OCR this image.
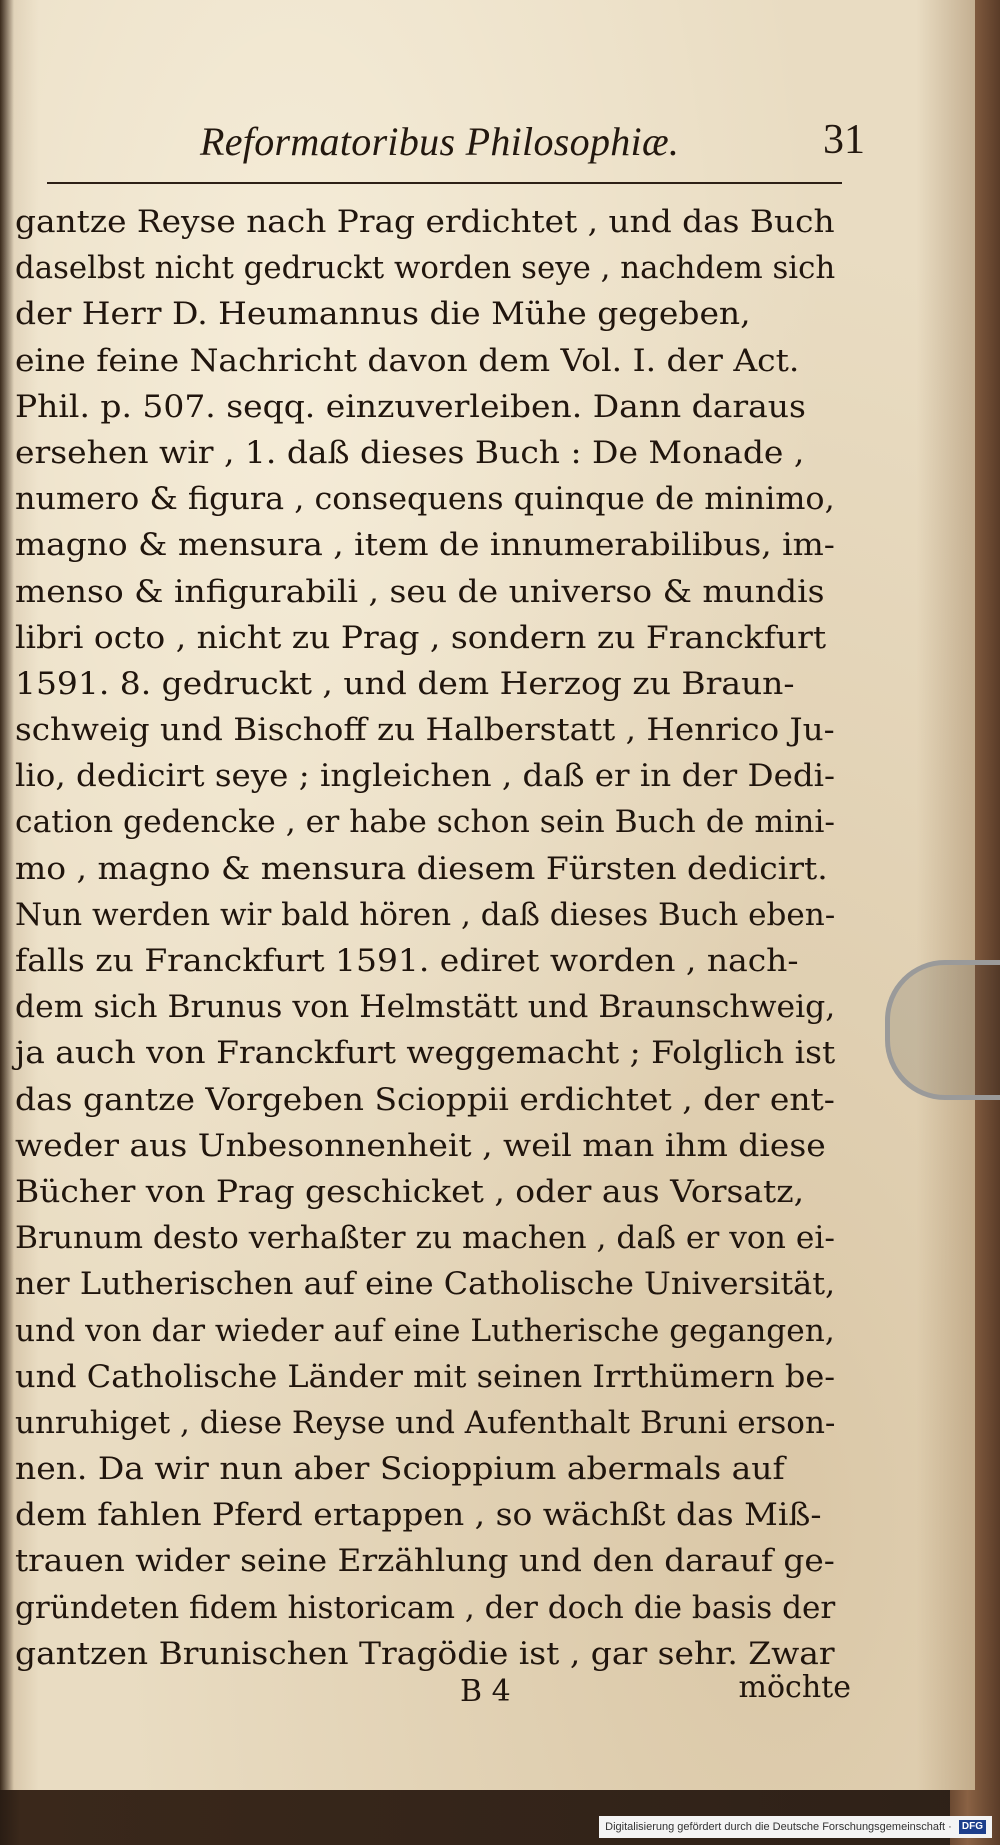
Reformatoribus Philosophiæ.	31
gantze Reyse nach Prag erdichtet , und das Buch
daselbst nicht gedruckt worden seye , nachdem sich
der Herr D. Heumannus die Mühe gegeben,
eine feine Nachricht davon dem Vol. I. der Act.
Phil. p. 507. seqq. einzuverleiben. Dann daraus
ersehen wir , 1. daß dieses Buch : De Monade ,
numero & figura , consequens quinque de minimo,
magno & mensura , item de innumerabilibus, im-
menso & infigurabili , seu de universo & mundis
libri octo , nicht zu Prag , sondern zu Franckfurt
1591. 8. gedruckt , und dem Herzog zu Braun-
schweig und Bischoff zu Halberstatt , Henrico Ju-
lio, dedicirt seye ; ingleichen , daß er in der Dedi-
cation gedencke , er habe schon sein Buch de mini-
mo , magno & mensura diesem Fürsten dedicirt.
Nun werden wir bald hören , daß dieses Buch eben-
falls zu Franckfurt 1591. ediret worden , nach-
dem sich Brunus von Helmstätt und Braunschweig,
ja auch von Franckfurt weggemacht ; Folglich ist
das gantze Vorgeben Scioppii erdichtet , der ent-
weder aus Unbesonnenheit , weil man ihm diese
Bücher von Prag geschicket , oder aus Vorsatz,
Brunum desto verhaßter zu machen , daß er von ei-
ner Lutherischen auf eine Catholische Universität,
und von dar wieder auf eine Lutherische gegangen,
und Catholische Länder mit seinen Irrthümern be-
unruhiget , diese Reyse und Aufenthalt Bruni erson-
nen. Da wir nun aber Scioppium abermals auf
dem fahlen Pferd ertappen , so wächßt das Miß-
trauen wider seine Erzählung und den darauf ge-
gründeten fidem historicam , der doch die basis der
gantzen Brunischen Tragödie ist , gar sehr. Zwar
B 4	möchte
Digitalisierung gefördert durch die Deutsche Forschungsgemeinschaft · DFG
